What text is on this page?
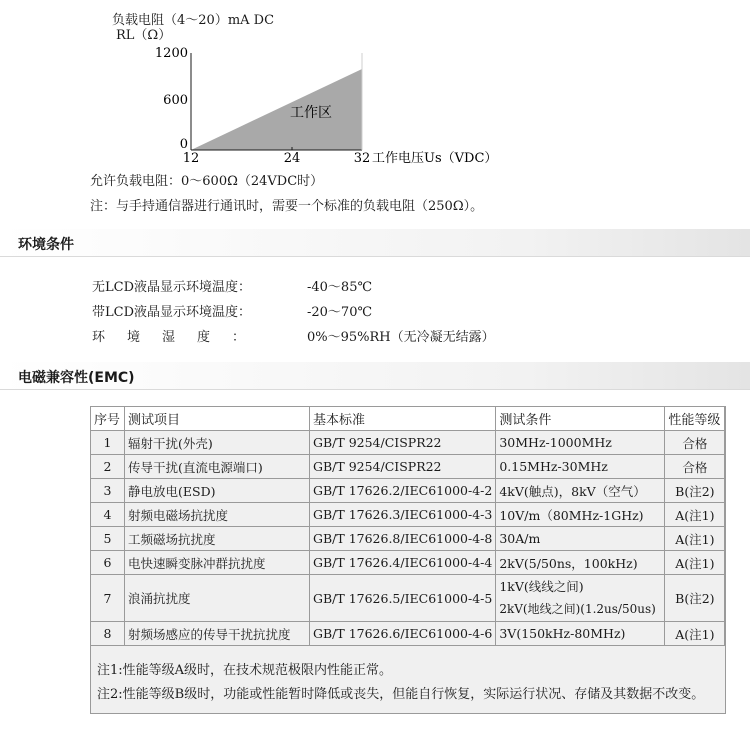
负载电阻（4～20）mA DC
RL（Ω）
1200
600
0
12	24	32 工作电压Us（VDC）
工作区
允许负载电阻：0～600Ω（24VDC时）
注：与手持通信器进行通讯时，需要一个标准的负载电阻（250Ω）。
环境条件
无LCD液晶显示环境温度：	-40～85℃
带LCD液晶显示环境温度：	-20～70℃
环境湿度：	0%～95%RH（无冷凝无结露）
电磁兼容性(EMC)
序号	测试项目	基本标准	测试条件	性能等级
1	辐射干扰(外壳)	GB/T 9254/CISPR22	30MHz-1000MHz	合格
2	传导干扰(直流电源端口)	GB/T 9254/CISPR22	0.15MHz-30MHz	合格
3	静电放电(ESD)	GB/T 17626.2/IEC61000-4-2	4kV(触点)，8kV（空气）	B(注2)
4	射频电磁场抗扰度	GB/T 17626.3/IEC61000-4-3	10V/m（80MHz-1GHz)	A(注1)
5	工频磁场抗扰度	GB/T 17626.8/IEC61000-4-8	30A/m	A(注1)
6	电快速瞬变脉冲群抗扰度	GB/T 17626.4/IEC61000-4-4	2kV(5/50ns，100kHz)	A(注1)
7	浪涌抗扰度	GB/T 17626.5/IEC61000-4-5	1kV(线线之间)
2kV(地线之间)(1.2us/50us)	B(注2)
8	射频场感应的传导干扰抗扰度	GB/T 17626.6/IEC61000-4-6	3V(150kHz-80MHz)	A(注1)
注1:性能等级A级时，在技术规范极限内性能正常。
注2:性能等级B级时，功能或性能暂时降低或丧失，但能自行恢复，实际运行状况、存储及其数据不改变。
